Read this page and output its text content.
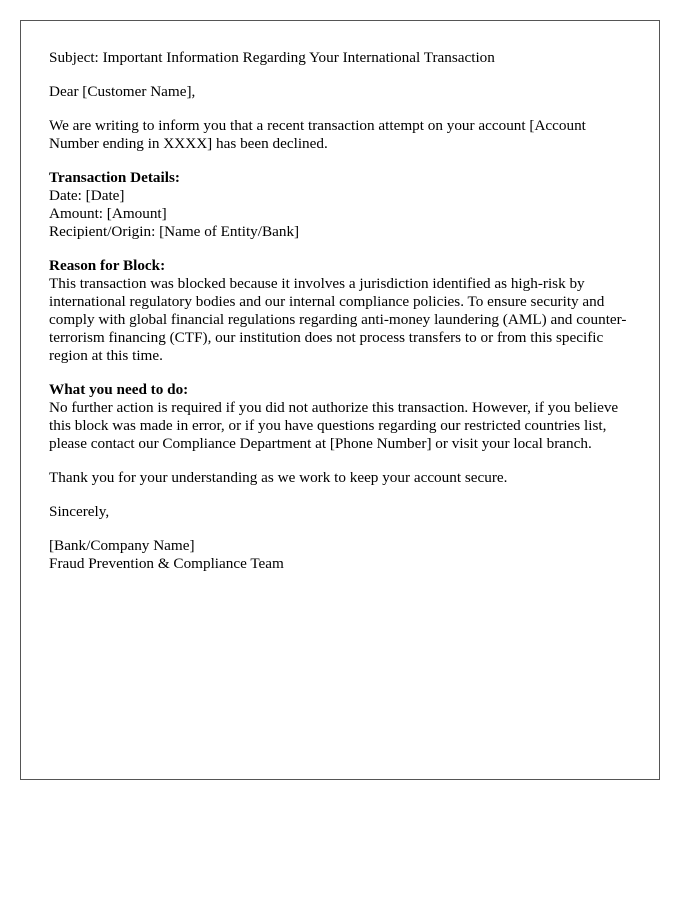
Subject: Important Information Regarding Your International Transaction

Dear [Customer Name],

We are writing to inform you that a recent transaction attempt on your account [Account Number ending in XXXX] has been declined.

Transaction Details:
Date: [Date]
Amount: [Amount]
Recipient/Origin: [Name of Entity/Bank]
Reason for Block:
This transaction was blocked because it involves a jurisdiction identified as high-risk by international regulatory bodies and our internal compliance policies. To ensure security and comply with global financial regulations regarding anti-money laundering (AML) and counter-terrorism financing (CTF), our institution does not process transfers to or from this specific region at this time.
What you need to do:
No further action is required if you did not authorize this transaction. However, if you believe this block was made in error, or if you have questions regarding our restricted countries list, please contact our Compliance Department at [Phone Number] or visit your local branch.

Thank you for your understanding as we work to keep your account secure.

Sincerely,

[Bank/Company Name]
Fraud Prevention & Compliance Team
